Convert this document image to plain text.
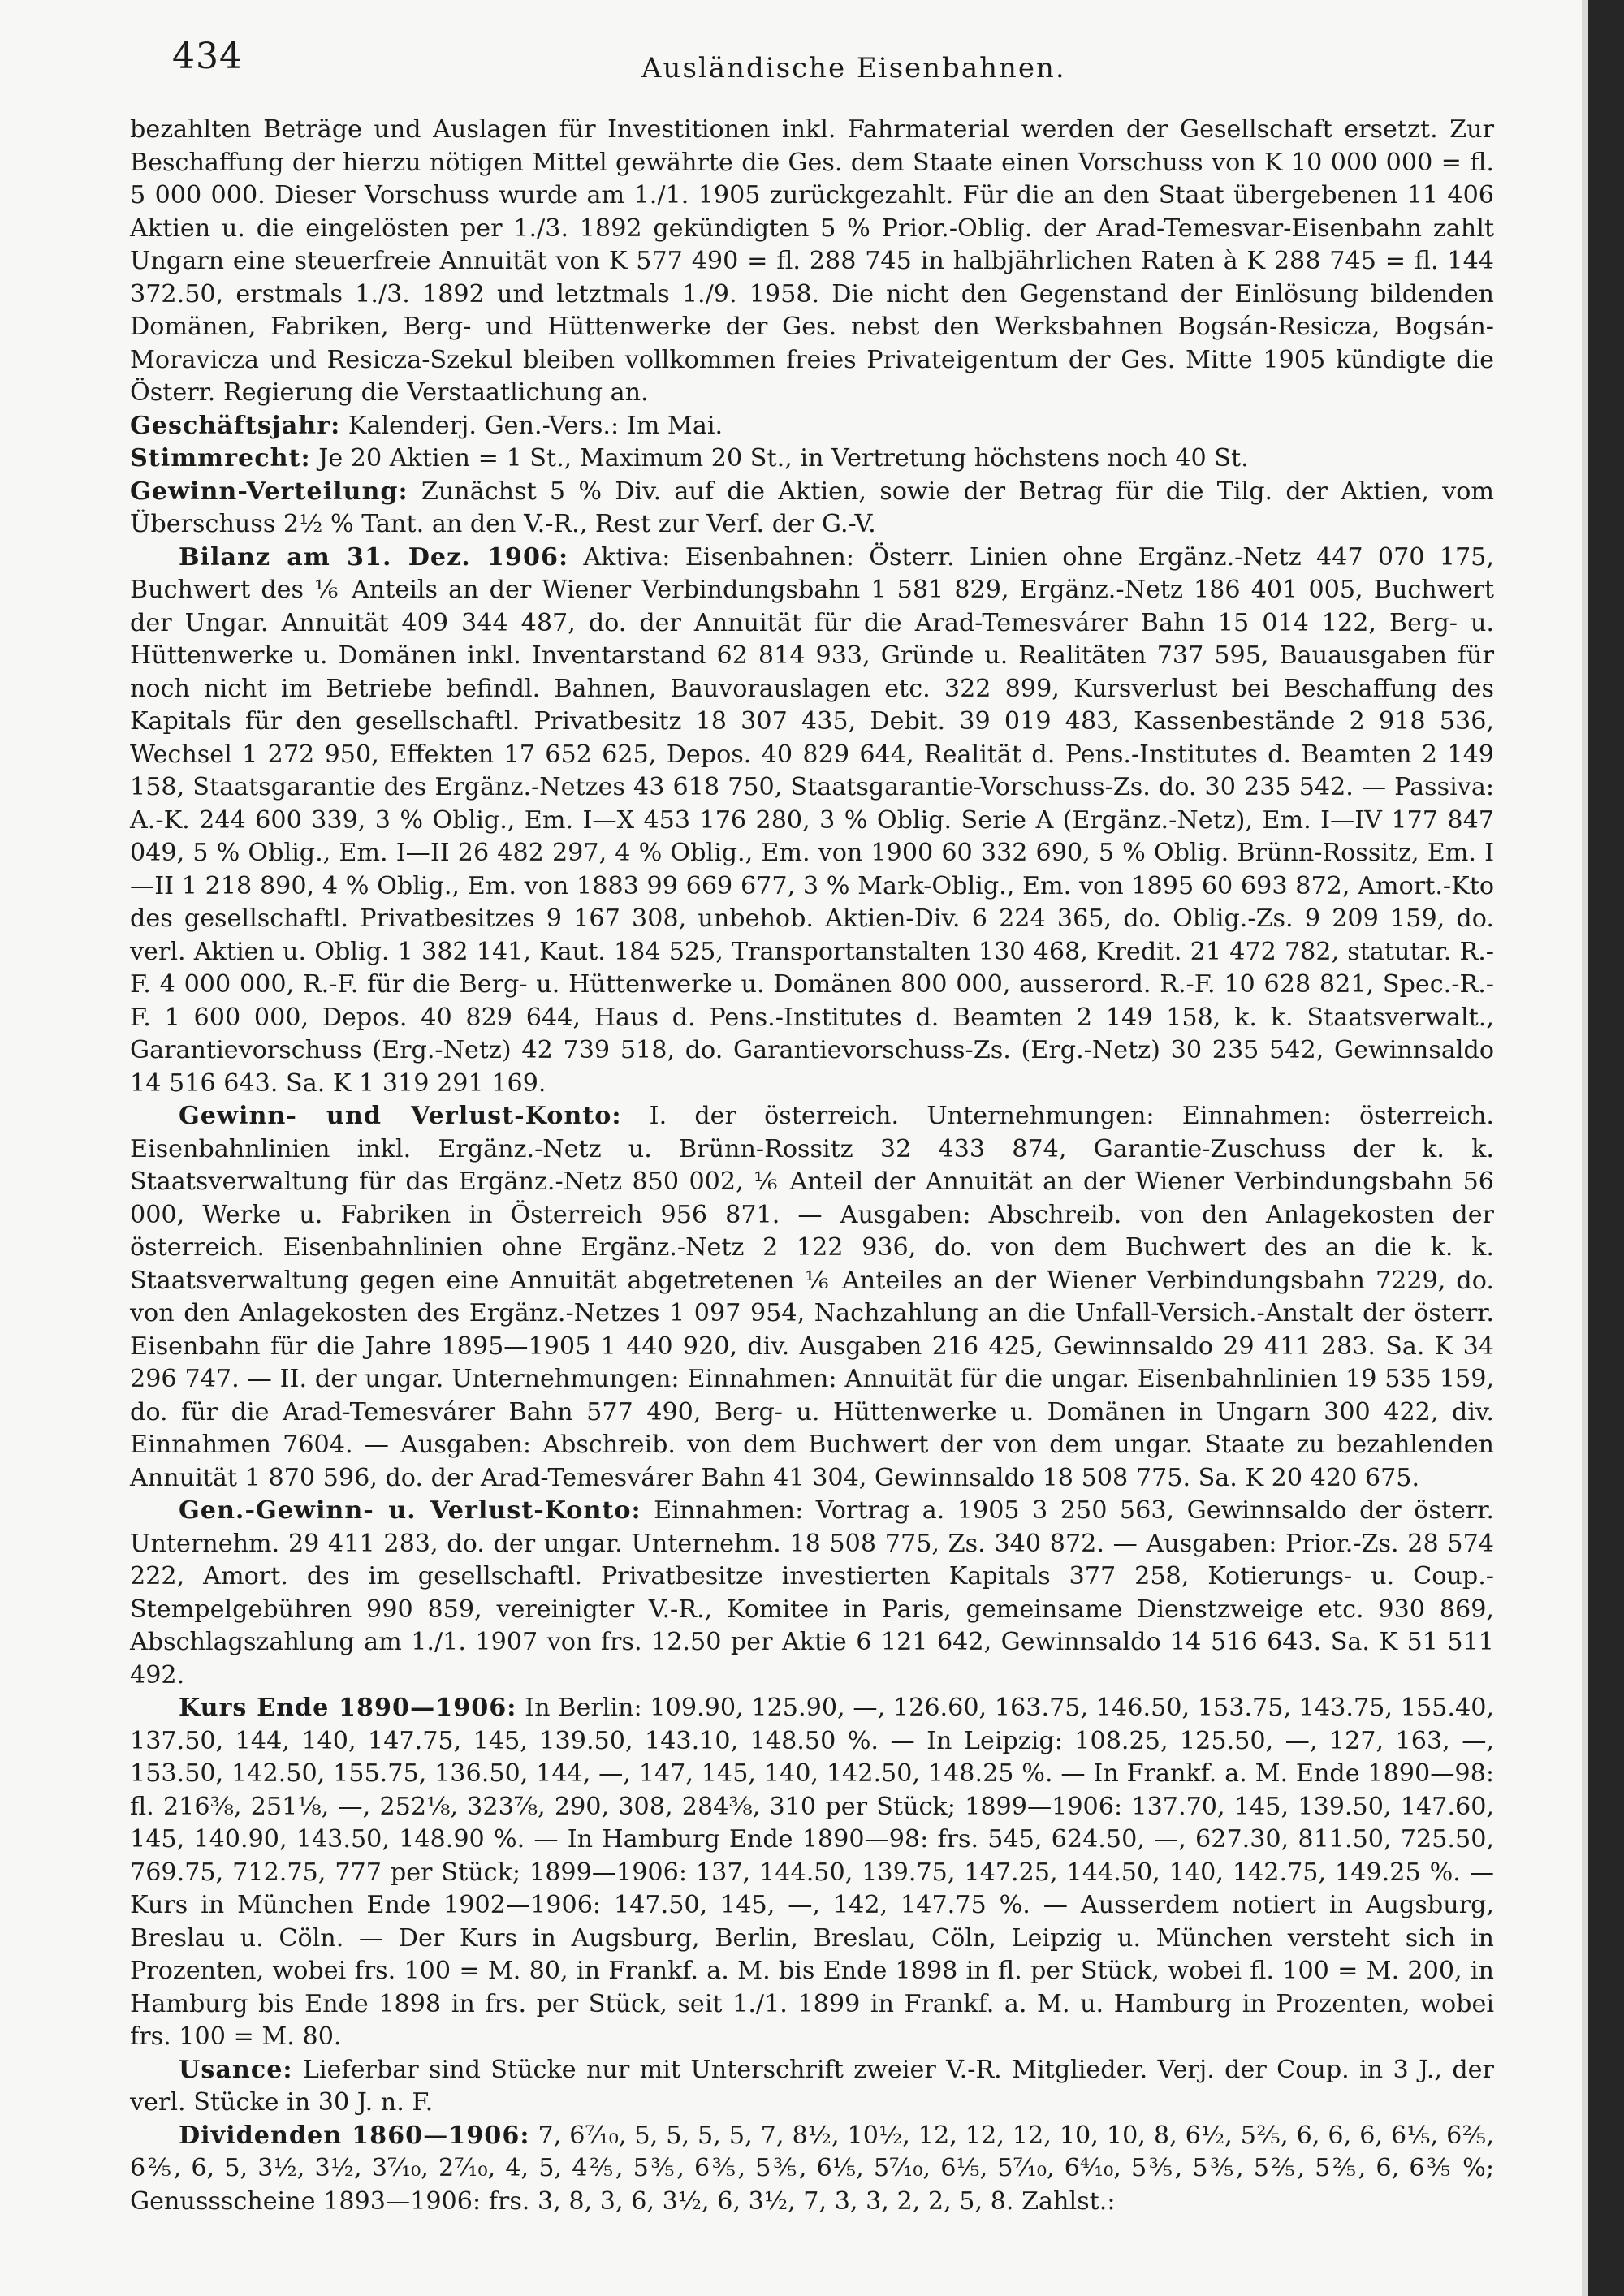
434	Ausländische Eisenbahnen.

bezahlten Beträge und Auslagen für Investitionen inkl. Fahrmaterial werden der Gesellschaft ersetzt. Zur Beschaffung der hierzu nötigen Mittel gewährte die Ges. dem Staate einen Vorschuss von K 10 000 000 = fl. 5 000 000. Dieser Vorschuss wurde am 1./1. 1905 zurückgezahlt. Für die an den Staat übergebenen 11 406 Aktien u. die eingelösten per 1./3. 1892 gekündigten 5 % Prior.-Oblig. der Arad-Temesvar-Eisenbahn zahlt Ungarn eine steuerfreie Annuität von K 577 490 = fl. 288 745 in halbjährlichen Raten à K 288 745 = fl. 144 372.50, erstmals 1./3. 1892 und letztmals 1./9. 1958. Die nicht den Gegenstand der Einlösung bildenden Domänen, Fabriken, Berg- und Hüttenwerke der Ges. nebst den Werksbahnen Bogsán-Resicza, Bogsán-Moravicza und Resicza-Szekul bleiben vollkommen freies Privateigentum der Ges. Mitte 1905 kündigte die Österr. Regierung die Verstaatlichung an.

Geschäftsjahr: Kalenderj. Gen.-Vers.: Im Mai.

Stimmrecht: Je 20 Aktien = 1 St., Maximum 20 St., in Vertretung höchstens noch 40 St.

Gewinn-Verteilung: Zunächst 5 % Div. auf die Aktien, sowie der Betrag für die Tilg. der Aktien, vom Überschuss 2½ % Tant. an den V.-R., Rest zur Verf. der G.-V.

Bilanz am 31. Dez. 1906: Aktiva: Eisenbahnen: Österr. Linien ohne Ergänz.-Netz 447 070 175, Buchwert des ⅙ Anteils an der Wiener Verbindungsbahn 1 581 829, Ergänz.-Netz 186 401 005, Buchwert der Ungar. Annuität 409 344 487, do. der Annuität für die Arad-Temesvárer Bahn 15 014 122, Berg- u. Hüttenwerke u. Domänen inkl. Inventarstand 62 814 933, Gründe u. Realitäten 737 595, Bauausgaben für noch nicht im Betriebe befindl. Bahnen, Bauvorauslagen etc. 322 899, Kursverlust bei Beschaffung des Kapitals für den gesellschaftl. Privatbesitz 18 307 435, Debit. 39 019 483, Kassenbestände 2 918 536, Wechsel 1 272 950, Effekten 17 652 625, Depos. 40 829 644, Realität d. Pens.-Institutes d. Beamten 2 149 158, Staatsgarantie des Ergänz.-Netzes 43 618 750, Staatsgarantie-Vorschuss-Zs. do. 30 235 542. — Passiva: A.-K. 244 600 339, 3 % Oblig., Em. I—X 453 176 280, 3 % Oblig. Serie A (Ergänz.-Netz), Em. I—IV 177 847 049, 5 % Oblig., Em. I—II 26 482 297, 4 % Oblig., Em. von 1900 60 332 690, 5 % Oblig. Brünn-Rossitz, Em. I—II 1 218 890, 4 % Oblig., Em. von 1883 99 669 677, 3 % Mark-Oblig., Em. von 1895 60 693 872, Amort.-Kto des gesellschaftl. Privatbesitzes 9 167 308, unbehob. Aktien-Div. 6 224 365, do. Oblig.-Zs. 9 209 159, do. verl. Aktien u. Oblig. 1 382 141, Kaut. 184 525, Transportanstalten 130 468, Kredit. 21 472 782, statutar. R.-F. 4 000 000, R.-F. für die Berg- u. Hüttenwerke u. Domänen 800 000, ausserord. R.-F. 10 628 821, Spec.-R.-F. 1 600 000, Depos. 40 829 644, Haus d. Pens.-Institutes d. Beamten 2 149 158, k. k. Staatsverwalt., Garantievorschuss (Erg.-Netz) 42 739 518, do. Garantievorschuss-Zs. (Erg.-Netz) 30 235 542, Gewinnsaldo 14 516 643. Sa. K 1 319 291 169.

Gewinn- und Verlust-Konto: I. der österreich. Unternehmungen: Einnahmen: österreich. Eisenbahnlinien inkl. Ergänz.-Netz u. Brünn-Rossitz 32 433 874, Garantie-Zuschuss der k. k. Staatsverwaltung für das Ergänz.-Netz 850 002, ⅙ Anteil der Annuität an der Wiener Verbindungsbahn 56 000, Werke u. Fabriken in Österreich 956 871. — Ausgaben: Abschreib. von den Anlagekosten der österreich. Eisenbahnlinien ohne Ergänz.-Netz 2 122 936, do. von dem Buchwert des an die k. k. Staatsverwaltung gegen eine Annuität abgetretenen ⅙ Anteiles an der Wiener Verbindungsbahn 7229, do. von den Anlagekosten des Ergänz.-Netzes 1 097 954, Nachzahlung an die Unfall-Versich.-Anstalt der österr. Eisenbahn für die Jahre 1895—1905 1 440 920, div. Ausgaben 216 425, Gewinnsaldo 29 411 283. Sa. K 34 296 747. — II. der ungar. Unternehmungen: Einnahmen: Annuität für die ungar. Eisenbahnlinien 19 535 159, do. für die Arad-Temesvárer Bahn 577 490, Berg- u. Hüttenwerke u. Domänen in Ungarn 300 422, div. Einnahmen 7604. — Ausgaben: Abschreib. von dem Buchwert der von dem ungar. Staate zu bezahlenden Annuität 1 870 596, do. der Arad-Temesvárer Bahn 41 304, Gewinnsaldo 18 508 775. Sa. K 20 420 675.

Gen.-Gewinn- u. Verlust-Konto: Einnahmen: Vortrag a. 1905 3 250 563, Gewinnsaldo der österr. Unternehm. 29 411 283, do. der ungar. Unternehm. 18 508 775, Zs. 340 872. — Ausgaben: Prior.-Zs. 28 574 222, Amort. des im gesellschaftl. Privatbesitze investierten Kapitals 377 258, Kotierungs- u. Coup.-Stempelgebühren 990 859, vereinigter V.-R., Komitee in Paris, gemeinsame Dienstzweige etc. 930 869, Abschlagszahlung am 1./1. 1907 von frs. 12.50 per Aktie 6 121 642, Gewinnsaldo 14 516 643. Sa. K 51 511 492.

Kurs Ende 1890—1906: In Berlin: 109.90, 125.90, —, 126.60, 163.75, 146.50, 153.75, 143.75, 155.40, 137.50, 144, 140, 147.75, 145, 139.50, 143.10, 148.50 %. — In Leipzig: 108.25, 125.50, —, 127, 163, —, 153.50, 142.50, 155.75, 136.50, 144, —, 147, 145, 140, 142.50, 148.25 %. — In Frankf. a. M. Ende 1890—98: fl. 216⅜, 251⅛, —, 252⅛, 323⅞, 290, 308, 284⅜, 310 per Stück; 1899—1906: 137.70, 145, 139.50, 147.60, 145, 140.90, 143.50, 148.90 %. — In Hamburg Ende 1890—98: frs. 545, 624.50, —, 627.30, 811.50, 725.50, 769.75, 712.75, 777 per Stück; 1899—1906: 137, 144.50, 139.75, 147.25, 144.50, 140, 142.75, 149.25 %. — Kurs in München Ende 1902—1906: 147.50, 145, —, 142, 147.75 %. — Ausserdem notiert in Augsburg, Breslau u. Cöln. — Der Kurs in Augsburg, Berlin, Breslau, Cöln, Leipzig u. München versteht sich in Prozenten, wobei frs. 100 = M. 80, in Frankf. a. M. bis Ende 1898 in fl. per Stück, wobei fl. 100 = M. 200, in Hamburg bis Ende 1898 in frs. per Stück, seit 1./1. 1899 in Frankf. a. M. u. Hamburg in Prozenten, wobei frs. 100 = M. 80.

Usance: Lieferbar sind Stücke nur mit Unterschrift zweier V.-R. Mitglieder. Verj. der Coup. in 3 J., der verl. Stücke in 30 J. n. F.

Dividenden 1860—1906: 7, 6⁷⁄₁₀, 5, 5, 5, 5, 7, 8½, 10½, 12, 12, 12, 10, 10, 8, 6½, 5⅖, 6, 6, 6, 6⅕, 6⅖, 6⅖, 6, 5, 3½, 3½, 3⁷⁄₁₀, 2⁷⁄₁₀, 4, 5, 4⅖, 5⅗, 6⅗, 5⅗, 6⅕, 5⁷⁄₁₀, 6⅕, 5⁷⁄₁₀, 6⁴⁄₁₀, 5⅗, 5⅗, 5⅖, 5⅖, 6, 6⅗ %; Genussscheine 1893—1906: frs. 3, 8, 3, 6, 3½, 6, 3½, 7, 3, 3, 2, 2, 5, 8. Zahlst.:
